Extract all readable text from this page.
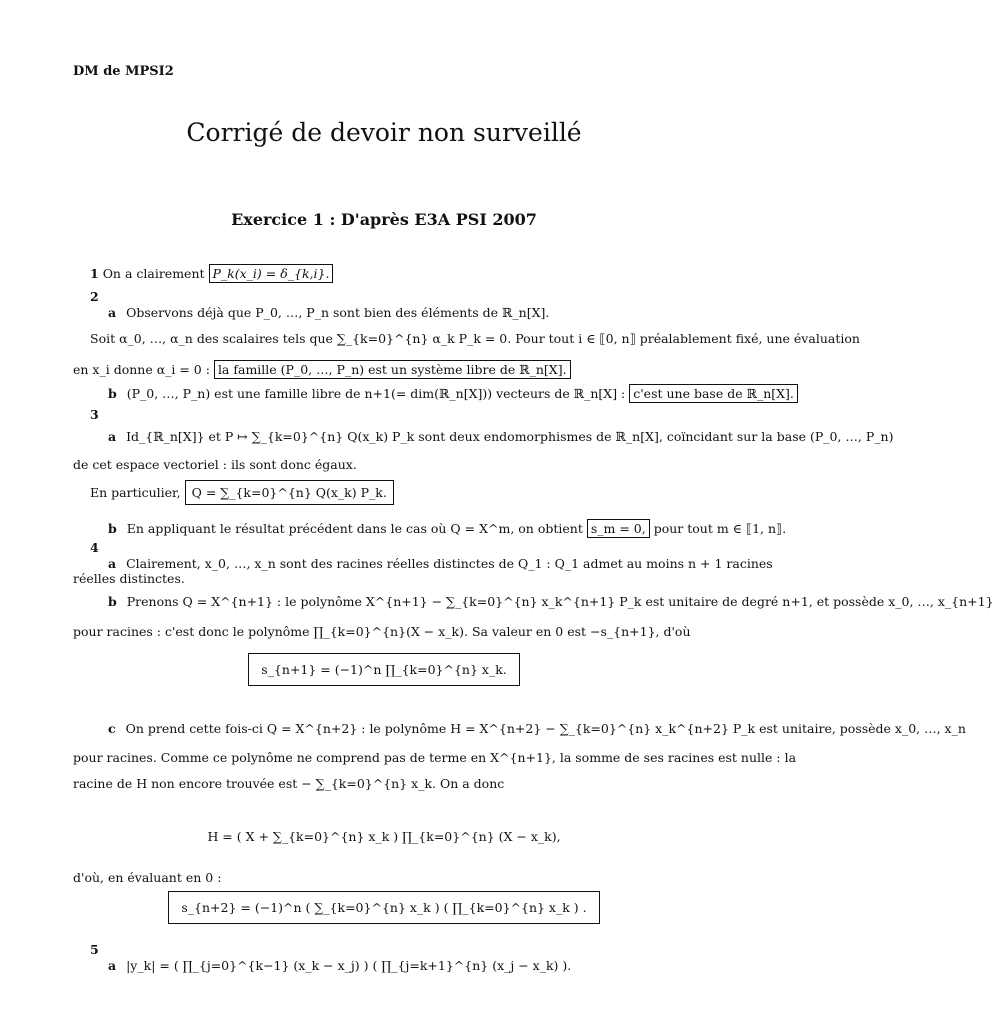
DM de MPSI2
Corrigé de devoir non surveillé
Exercice 1 : D'après E3A PSI 2007
1 On a clairement P_k(x_i) = δ_{k,i}.
2
a Observons déjà que P_0, …, P_n sont bien des éléments de ℝ_n[X].
Soit α_0, …, α_n des scalaires tels que ∑_{k=0}^{n} α_k P_k = 0. Pour tout i ∈ ⟦0, n⟧ préalablement fixé, une évaluation
en x_i donne α_i = 0 : la famille (P_0, …, P_n) est un système libre de ℝ_n[X].
b (P_0, …, P_n) est une famille libre de n+1(= dim(ℝ_n[X])) vecteurs de ℝ_n[X] : c'est une base de ℝ_n[X].
3
a Id_{ℝ_n[X]} et P ↦ ∑_{k=0}^{n} Q(x_k) P_k sont deux endomorphismes de ℝ_n[X], coïncidant sur la base (P_0, …, P_n)
de cet espace vectoriel : ils sont donc égaux.
En particulier, Q = ∑_{k=0}^{n} Q(x_k) P_k.
b En appliquant le résultat précédent dans le cas où Q = X^m, on obtient s_m = 0, pour tout m ∈ ⟦1, n⟧.
4
a Clairement, x_0, …, x_n sont des racines réelles distinctes de Q_1 : Q_1 admet au moins n + 1 racines
réelles distinctes.
b Prenons Q = X^{n+1} : le polynôme X^{n+1} − ∑_{k=0}^{n} x_k^{n+1} P_k est unitaire de degré n+1, et possède x_0, …, x_{n+1}
pour racines : c'est donc le polynôme ∏_{k=0}^{n}(X − x_k). Sa valeur en 0 est −s_{n+1}, d'où
s_{n+1} = (−1)^n ∏_{k=0}^{n} x_k.
c On prend cette fois-ci Q = X^{n+2} : le polynôme H = X^{n+2} − ∑_{k=0}^{n} x_k^{n+2} P_k est unitaire, possède x_0, …, x_n
pour racines. Comme ce polynôme ne comprend pas de terme en X^{n+1}, la somme de ses racines est nulle : la
racine de H non encore trouvée est − ∑_{k=0}^{n} x_k. On a donc
H = ( X + ∑_{k=0}^{n} x_k ) ∏_{k=0}^{n} (X − x_k),
d'où, en évaluant en 0 :
s_{n+2} = (−1)^n ( ∑_{k=0}^{n} x_k ) ( ∏_{k=0}^{n} x_k ) .
5
a |y_k| = ( ∏_{j=0}^{k−1} (x_k − x_j) ) ( ∏_{j=k+1}^{n} (x_j − x_k) ).
